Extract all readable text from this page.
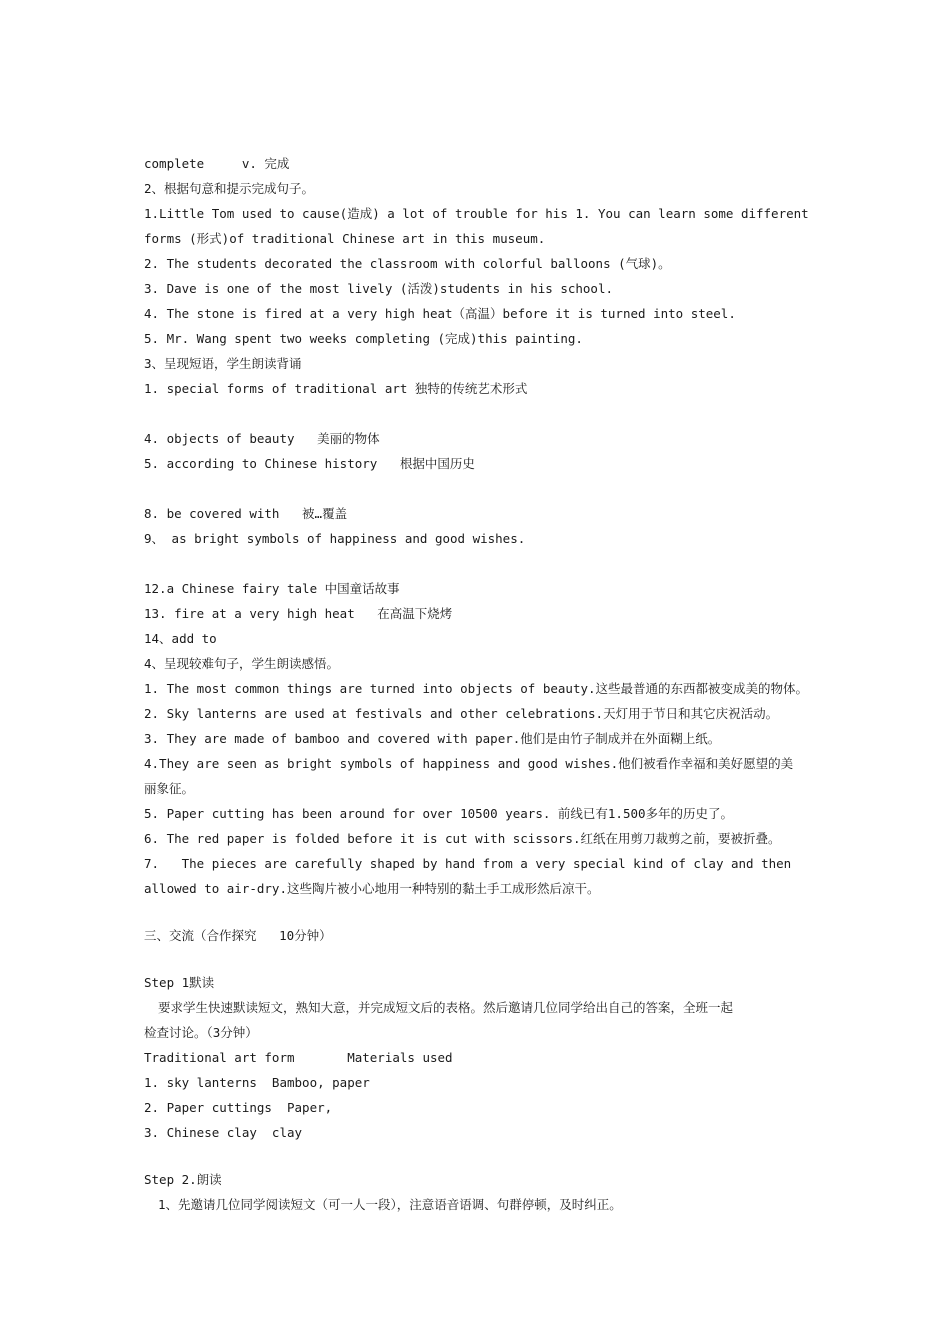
complete     v. 完成
2、根据句意和提示完成句子。
1.Little Tom used to cause(造成) a lot of trouble for his 1. You can learn some different
forms (形式)of traditional Chinese art in this museum.
2. The students decorated the classroom with colorful balloons (气球)。
3. Dave is one of the most lively (活泼)students in his school.
4. The stone is fired at a very high heat（高温）before it is turned into steel.
5. Mr. Wang spent two weeks completing (完成)this painting.
3、呈现短语，学生朗读背诵
1. special forms of traditional art 独特的传统艺术形式

4. objects of beauty   美丽的物体
5. according to Chinese history   根据中国历史

8. be covered with   被…覆盖
9、 as bright symbols of happiness and good wishes.

12.a Chinese fairy tale 中国童话故事
13. fire at a very high heat   在高温下烧烤
14、add to
4、呈现较难句子，学生朗读感悟。
1. The most common things are turned into objects of beauty.这些最普通的东西都被变成美的物体。
2. Sky lanterns are used at festivals and other celebrations.天灯用于节日和其它庆祝活动。
3. They are made of bamboo and covered with paper.他们是由竹子制成并在外面糊上纸。
4.They are seen as bright symbols of happiness and good wishes.他们被看作幸福和美好愿望的美
丽象征。
5. Paper cutting has been around for over 10500 years. 前线已有1.500多年的历史了。
6. The red paper is folded before it is cut with scissors.红纸在用剪刀裁剪之前，要被折叠。
7.   The pieces are carefully shaped by hand from a very special kind of clay and then
allowed to air-dry.这些陶片被小心地用一种特别的黏土手工成形然后凉干。
三、交流（合作探究   10分钟）
Step 1默读
要求学生快速默读短文，熟知大意，并完成短文后的表格。然后邀请几位同学给出自己的答案，全班一起
检查讨论。（3分钟）
Traditional art form       Materials used
1. sky lanterns  Bamboo, paper
2. Paper cuttings  Paper,
3. Chinese clay  clay
Step 2.朗读
1、先邀请几位同学阅读短文（可一人一段），注意语音语调、句群停顿，及时纠正。
